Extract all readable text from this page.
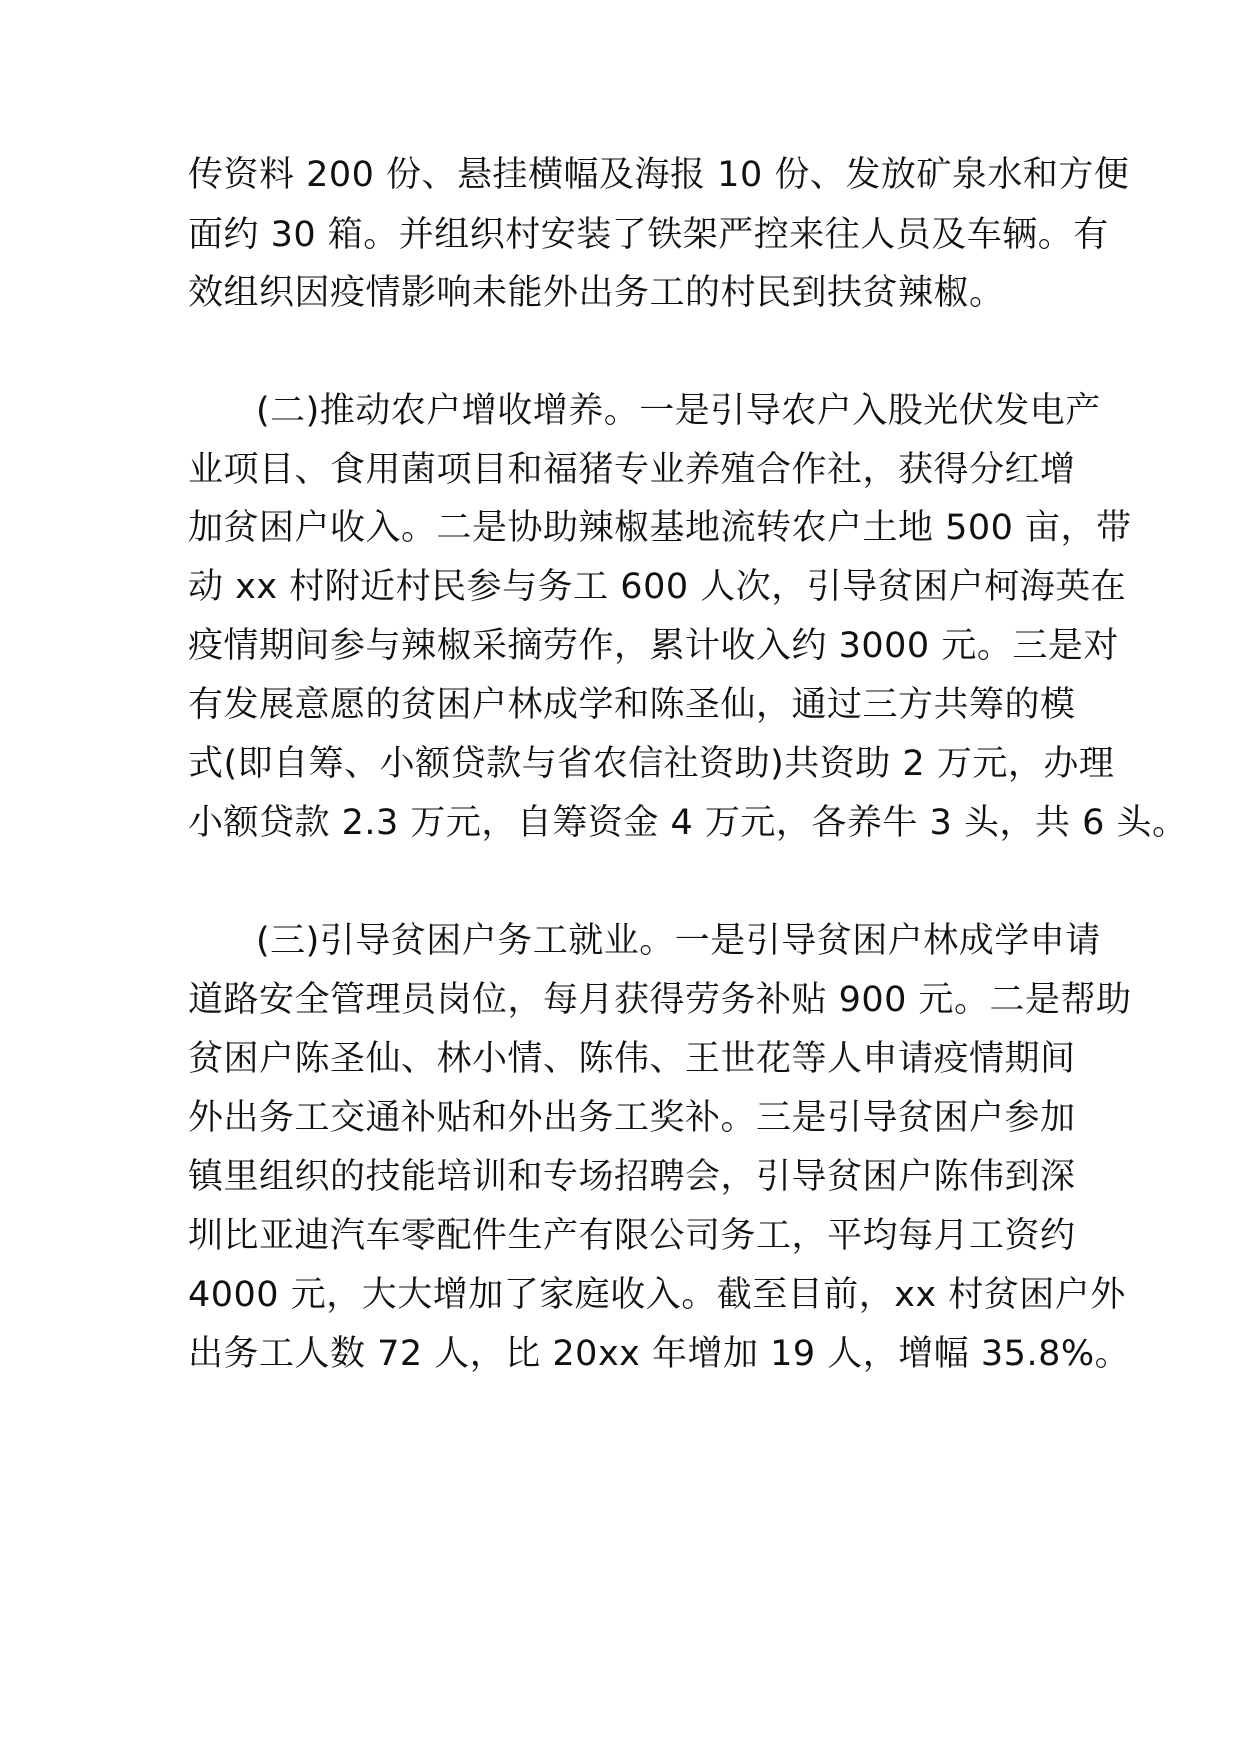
传资料 200 份、悬挂横幅及海报 10 份、发放矿泉水和方便
面约 30 箱。并组织村安装了铁架严控来往人员及车辆。有
效组织因疫情影响未能外出务工的村民到扶贫辣椒。
(二)推动农户增收增养。一是引导农户入股光伏发电产
业项目、食用菌项目和福猪专业养殖合作社，获得分红增
加贫困户收入。二是协助辣椒基地流转农户土地 500 亩，带
动 xx 村附近村民参与务工 600 人次，引导贫困户柯海英在
疫情期间参与辣椒采摘劳作，累计收入约 3000 元。三是对
有发展意愿的贫困户林成学和陈圣仙，通过三方共筹的模
式(即自筹、小额贷款与省农信社资助)共资助 2 万元，办理
小额贷款 2.3 万元，自筹资金 4 万元，各养牛 3 头，共 6 头。
(三)引导贫困户务工就业。一是引导贫困户林成学申请
道路安全管理员岗位，每月获得劳务补贴 900 元。二是帮助
贫困户陈圣仙、林小情、陈伟、王世花等人申请疫情期间
外出务工交通补贴和外出务工奖补。三是引导贫困户参加
镇里组织的技能培训和专场招聘会，引导贫困户陈伟到深
圳比亚迪汽车零配件生产有限公司务工，平均每月工资约
4000 元，大大增加了家庭收入。截至目前，xx 村贫困户外
出务工人数 72 人，比 20xx 年增加 19 人，增幅 35.8%。
